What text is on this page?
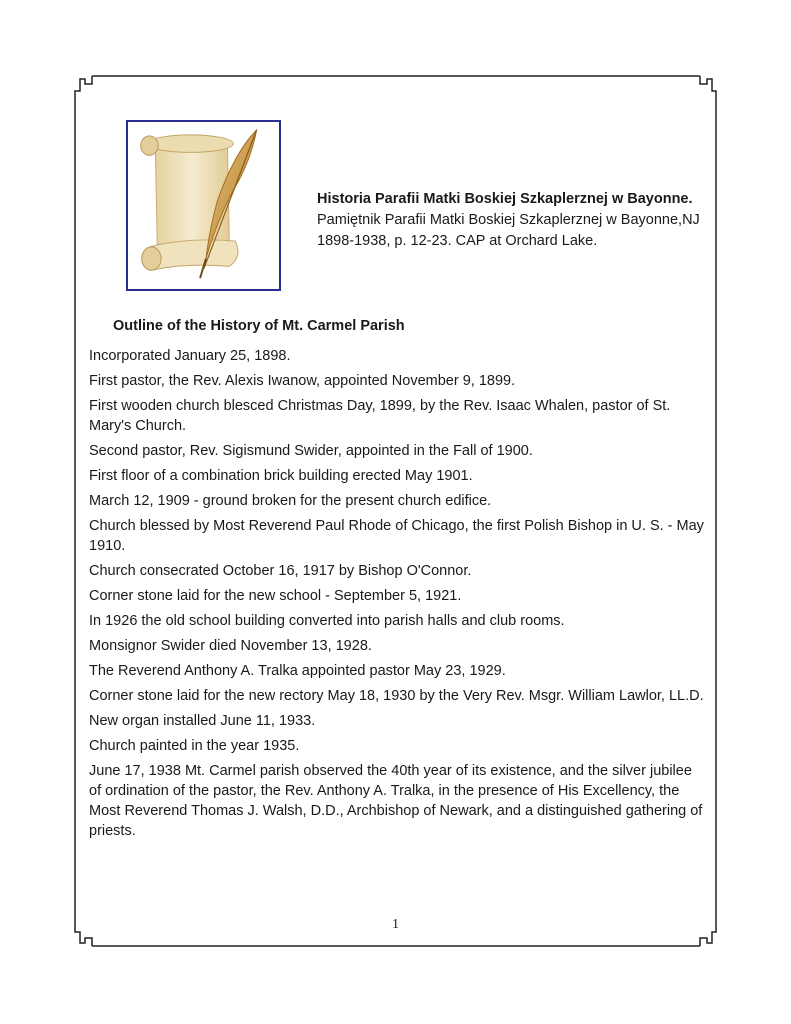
Historia Parafii Matki Boskiej Szkaplerznej w Bayonne.
Pamiętnik Parafii Matki Boskiej Szkaplerznej w Bayonne,NJ
1898-1938, p. 12-23. CAP at Orchard Lake.
Outline of the History of Mt. Carmel Parish
Incorporated January 25, 1898.
First pastor, the Rev. Alexis Iwanow, appointed November 9, 1899.
First wooden church blesced Christmas Day, 1899, by the Rev. Isaac Whalen, pastor of St. Mary's Church.
Second pastor, Rev. Sigismund Swider, appointed in the Fall of 1900.
First floor of a combination brick building erected May 1901.
March 12, 1909 - ground broken for the present church edifice.
Church blessed by Most Reverend Paul Rhode of Chicago, the first Polish Bishop in U. S. - May 1910.
Church consecrated October 16, 1917 by Bishop O'Connor.
Corner stone laid for the new school - September 5, 1921.
In 1926 the old school building converted into parish halls and club rooms.
Monsignor Swider died November 13, 1928.
The Reverend Anthony A. Tralka appointed pastor May 23, 1929.
Corner stone laid for the new rectory May 18, 1930 by the Very Rev. Msgr. William Lawlor, LL.D.
New organ installed June 11, 1933.
Church painted in the year 1935.
June 17, 1938 Mt. Carmel parish observed the 40th year of its existence, and the silver jubilee of ordination of the pastor, the Rev. Anthony A. Tralka, in the presence of His Excellency, the Most Reverend Thomas J. Walsh, D.D., Archbishop of Newark, and a distinguished gathering of priests.
1
